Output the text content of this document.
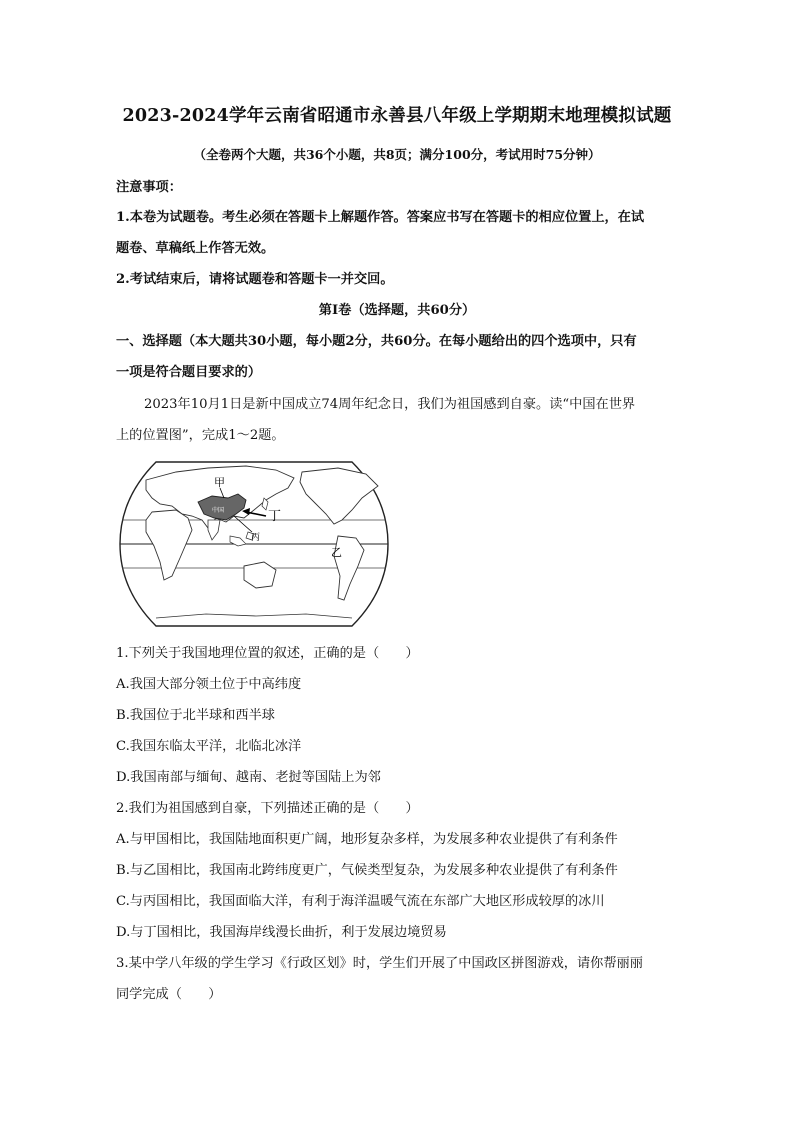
2023-2024学年云南省昭通市永善县八年级上学期期末地理模拟试题
（全卷两个大题，共36个小题，共8页；满分100分，考试用时75分钟）
注意事项：
1.本卷为试题卷。考生必须在答题卡上解题作答。答案应书写在答题卡的相应位置上，在试
题卷、草稿纸上作答无效。
2.考试结束后，请将试题卷和答题卡一并交回。
第Ⅰ卷（选择题，共60分）
一、选择题（本大题共30小题，每小题2分，共60分。在每小题给出的四个选项中，只有
一项是符合题目要求的）
2023年10月1日是新中国成立74周年纪念日，我们为祖国感到自豪。读“中国在世界
上的位置图”，完成1～2题。
中国
甲
乙
丙
丁
1.下列关于我国地理位置的叙述，正确的是（　　）
A.我国大部分领土位于中高纬度
B.我国位于北半球和西半球
C.我国东临太平洋，北临北冰洋
D.我国南部与缅甸、越南、老挝等国陆上为邻
2.我们为祖国感到自豪，下列描述正确的是（　　）
A.与甲国相比，我国陆地面积更广阔，地形复杂多样，为发展多种农业提供了有利条件
B.与乙国相比，我国南北跨纬度更广，气候类型复杂，为发展多种农业提供了有利条件
C.与丙国相比，我国面临大洋，有利于海洋温暖气流在东部广大地区形成较厚的冰川
D.与丁国相比，我国海岸线漫长曲折，利于发展边境贸易
3.某中学八年级的学生学习《行政区划》时，学生们开展了中国政区拼图游戏，请你帮丽丽
同学完成（　　）
